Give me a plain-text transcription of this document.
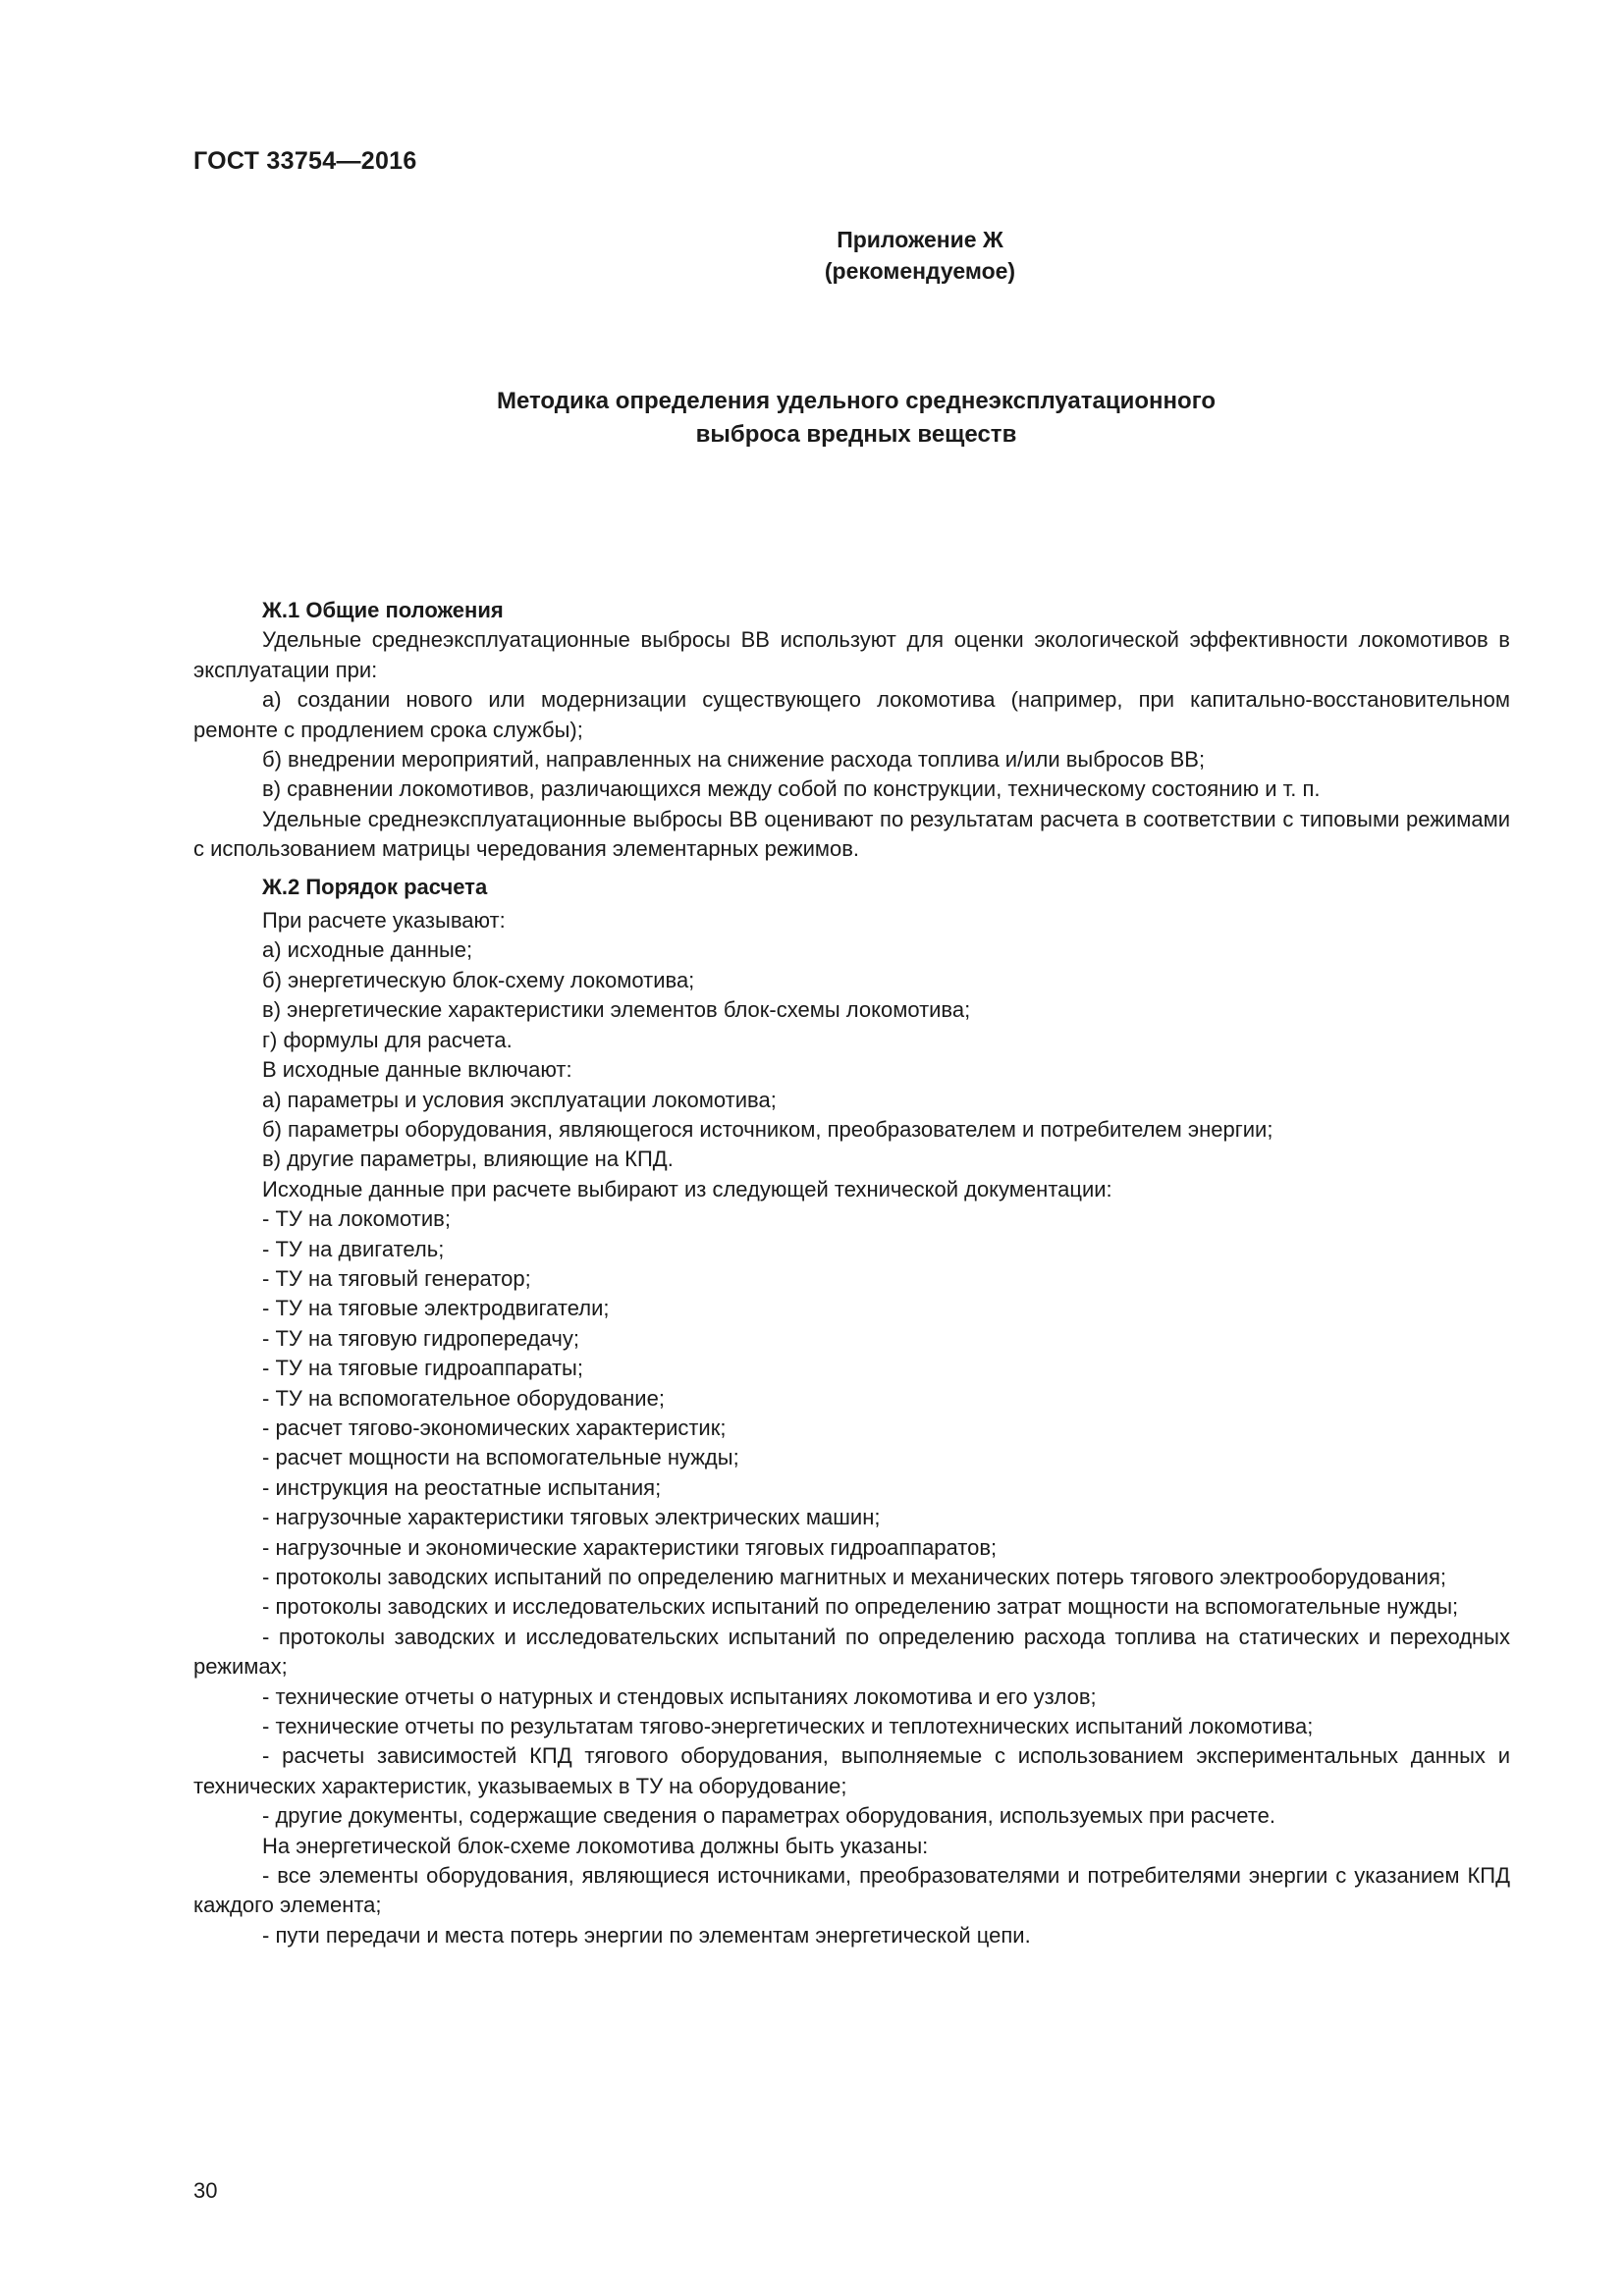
ГОСТ 33754—2016
Приложение Ж
(рекомендуемое)
Методика определения удельного среднеэксплуатационного
выброса вредных веществ
Ж.1 Общие положения

Удельные среднеэксплуатационные выбросы ВВ используют для оценки экологической эффективности локомотивов в эксплуатации при:

а) создании нового или модернизации существующего локомотива (например, при капитально-восстановительном ремонте с продлением срока службы);

б) внедрении мероприятий, направленных на снижение расхода топлива и/или выбросов ВВ;

в) сравнении локомотивов, различающихся между собой по конструкции, техническому состоянию и т. п.

Удельные среднеэксплуатационные выбросы ВВ оценивают по результатам расчета в соответствии с типовыми режимами с использованием матрицы чередования элементарных режимов.

Ж.2 Порядок расчета
При расчете указывают:
а) исходные данные;
б) энергетическую блок-схему локомотива;
в) энергетические характеристики элементов блок-схемы локомотива;
г) формулы для расчета.
В исходные данные включают:
а) параметры и условия эксплуатации локомотива;
б) параметры оборудования, являющегося источником, преобразователем и потребителем энергии;
в) другие параметры, влияющие на КПД.
Исходные данные при расчете выбирают из следующей технической документации:
- ТУ на локомотив;
- ТУ на двигатель;
- ТУ на тяговый генератор;
- ТУ на тяговые электродвигатели;
- ТУ на тяговую гидропередачу;
- ТУ на тяговые гидроаппараты;
- ТУ на вспомогательное оборудование;
- расчет тягово-экономических характеристик;
- расчет мощности на вспомогательные нужды;
- инструкция на реостатные испытания;
- нагрузочные характеристики тяговых электрических машин;
- нагрузочные и экономические характеристики тяговых гидроаппаратов;

- протоколы заводских испытаний по определению магнитных и механических потерь тягового электрооборудования;

- протоколы заводских и исследовательских испытаний по определению затрат мощности на вспомогательные нужды;

- протоколы заводских и исследовательских испытаний по определению расхода топлива на статических и переходных режимах;

- технические отчеты о натурных и стендовых испытаниях локомотива и его узлов;

- технические отчеты по результатам тягово-энергетических и теплотехнических испытаний локомотива;

- расчеты зависимостей КПД тягового оборудования, выполняемые с использованием экспериментальных данных и технических характеристик, указываемых в ТУ на оборудование;

- другие документы, содержащие сведения о параметрах оборудования, используемых при расчете.

На энергетической блок-схеме локомотива должны быть указаны:

- все элементы оборудования, являющиеся источниками, преобразователями и потребителями энергии с указанием КПД каждого элемента;

- пути передачи и места потерь энергии по элементам энергетической цепи.

30
